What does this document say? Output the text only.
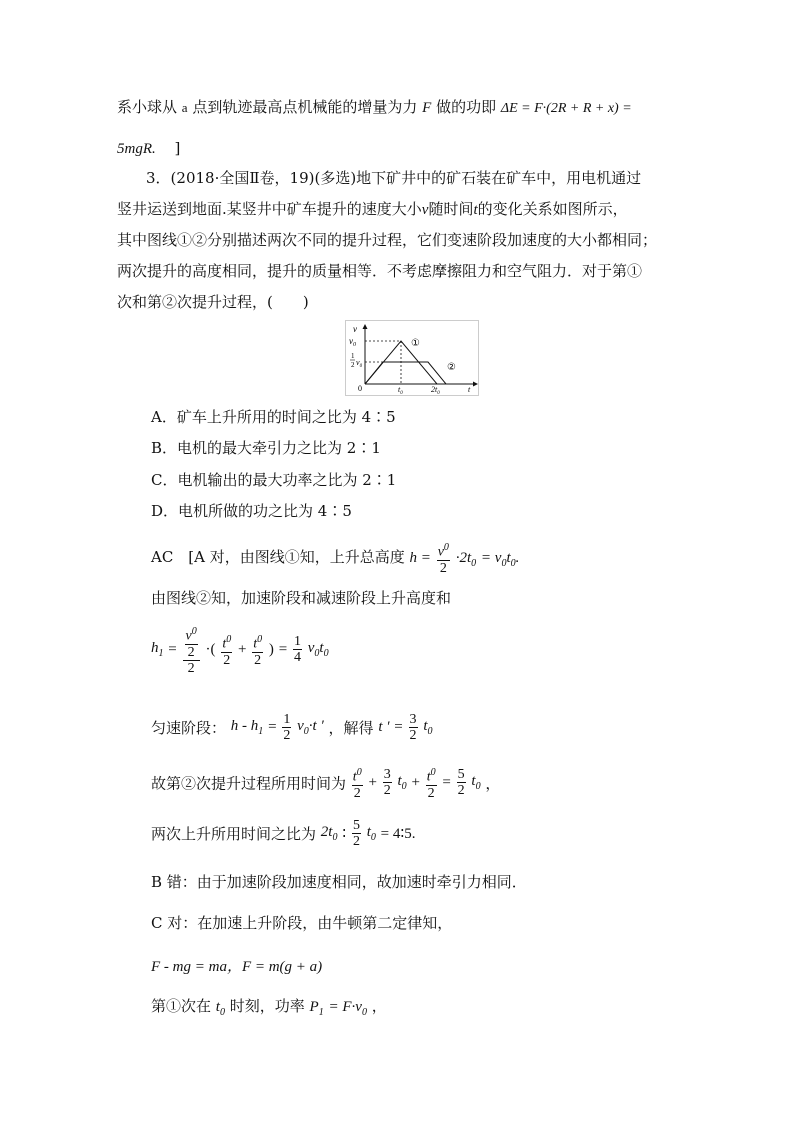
系小球从 a 点到轨迹最高点机械能的增量为力 F 做的功即 ΔE = F·(2R + R + x) =
5mgR. ]
3．(2018·全国Ⅱ卷，19)(多选)地下矿井中的矿石装在矿车中，用电机通过
竖井运送到地面.某竖井中矿车提升的速度大小v随时间t的变化关系如图所示，
其中图线①②分别描述两次不同的提升过程，它们变速阶段加速度的大小都相同；
两次提升的高度相同，提升的质量相等．不考虑摩擦阻力和空气阻力．对于第①
次和第②次提升过程，(　　)
v
$v_0$
1
2 $v_0$
0	$t_0$	$2t_0$	t
①
②
A．矿车上升所用的时间之比为 4∶5
B．电机的最大牵引力之比为 2∶1
C．电机输出的最大功率之比为 2∶1
D．电机所做的功之比为 4∶5
AC　[A 对，由图线①知，上升总高度 $h = \frac{v^0}{2} \cdot 2t_0 = v_0t_0$.
由图线②知，加速阶段和减速阶段上升高度和
$h_1 = \frac{\frac{v^0}{2}}{2}$ ·( $\frac{t^0}{2} + \frac{t^0}{2}$ ) = $\frac{1}{4} v_0t_0$
匀速阶段： $h - h_1 = \frac{1}{2} v_0\cdot t$ ′ ，解得 t ′ = $\frac{3}{2} t_0$
故第②次提升过程所用时间为 $\frac{t^0}{2} + \frac{3}{2} t_0 + \frac{t^0}{2} = \frac{5}{2} t_0$ ，
两次上升所用时间之比为 $2t_0$ ∶ $\frac{5}{2} t_0$ = 4∶5.
B 错：由于加速阶段加速度相同，故加速时牵引力相同．
C 对：在加速上升阶段，由牛顿第二定律知，
F - mg = ma，F = m(g + a)
第①次在 $t_0$ 时刻，功率 $P_1 = F\cdot v_0$ ，
